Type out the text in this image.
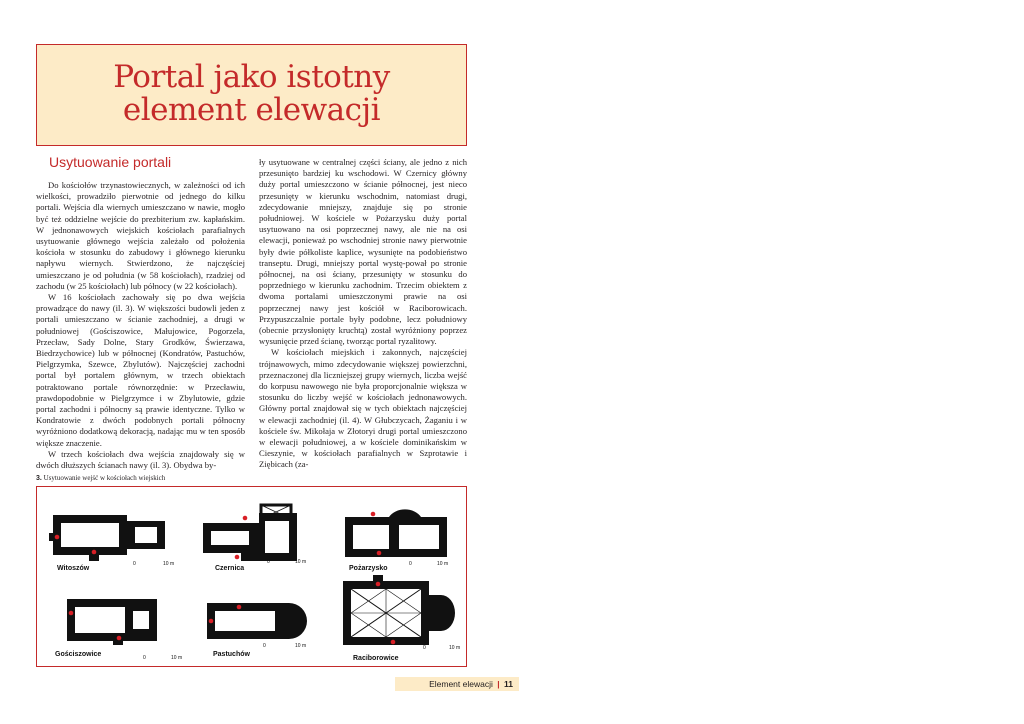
Portal jako istotny
element elewacji
Usytuowanie portali

Do kościołów trzynastowiecznych, w zależności od ich wielkości, prowadziło pierwotnie od jednego do kilku portali. Wejścia dla wiernych umieszczano w nawie, mogło być też oddzielne wejście do prezbiterium zw. kapłańskim. W jednonawowych wiejskich kościołach parafialnych usytuowanie głównego wejścia zależało od położenia kościoła w stosunku do zabudowy i głównego kierunku napływu wiernych. Stwierdzono, że najczęściej umieszczano je od południa (w 58 kościołach), rzadziej od zachodu (w 25 kościołach) lub północy (w 22 kościołach).

W 16 kościołach zachowały się po dwa wejścia prowadzące do nawy (il. 3). W większości budowli jeden z portali umieszczano w ścianie zachodniej, a drugi w południowej (Gościszowice, Małujowice, Pogorzela, Przecław, Sady Dolne, Stary Grodków, Świerzawa, Biedrzychowice) lub w północnej (Kondratów, Pastuchów, Pielgrzymka, Szewce, Zbylutów). Najczęściej zachodni portal był portalem głównym, w trzech obiektach potraktowano portale równorzędnie: w Przecławiu, prawdopodobnie w Pielgrzymce i w Zbylutowie, gdzie portal zachodni i północny są prawie identyczne. Tylko w Kondratowie z dwóch podobnych portali północny wyróżniono dodatkową dekoracją, nadając mu w ten sposób większe znaczenie.

W trzech kościołach dwa wejścia znajdowały się w dwóch dłuższych ścianach nawy (il. 3). Obydwa by-

ły usytuowane w centralnej części ściany, ale jedno z nich przesunięto bardziej ku wschodowi. W Czernicy główny duży portal umieszczono w ścianie północnej, jest nieco przesunięty w kierunku wschodnim, natomiast drugi, zdecydowanie mniejszy, znajduje się po stronie południowej. W kościele w Pożarzysku duży portal usytuowano na osi poprzecznej nawy, ale nie na osi elewacji, ponieważ po wschodniej stronie nawy pierwotnie były dwie półkoliste kaplice, wysunięte na podobieństwo transeptu. Drugi, mniejszy portal wystę-pował po stronie północnej, na osi ściany, przesunięty w stosunku do poprzedniego w kierunku zachodnim. Trzecim obiektem z dwoma portalami umieszczonymi prawie na osi poprzecznej nawy jest kościół w Raciborowicach. Przypuszczalnie portale były podobne, lecz południowy (obecnie przysłonięty kruchtą) został wyróżniony poprzez wysunięcie przed ścianę, tworząc portal ryzalitowy.

W kościołach miejskich i zakonnych, najczęściej trójnawowych, mimo zdecydowanie większej powierzchni, przeznaczonej dla liczniejszej grupy wiernych, liczba wejść do korpusu nawowego nie była proporcjonalnie większa w stosunku do liczby wejść w kościołach jednonawowych. Główny portal znajdował się w tych obiektach najczęściej w elewacji zachodniej (il. 4). W Głubczycach, Żaganiu i w kościele św. Mikołaja w Złotoryi drugi portal umieszczono w elewacji południowej, a w kościele dominikańskim w Cieszynie, w kościołach parafialnych w Szprotawie i Ziębicach (za-

3. Usytuowanie wejść w kościołach wiejskich
Witoszów
0	10 m
Czernica
0	10 m
Pożarzysko
0	10 m
Gościszowice	0	10 m	Pastuchów
0	10 m
Raciborowice
0	10 m
Element elewacji | 11
